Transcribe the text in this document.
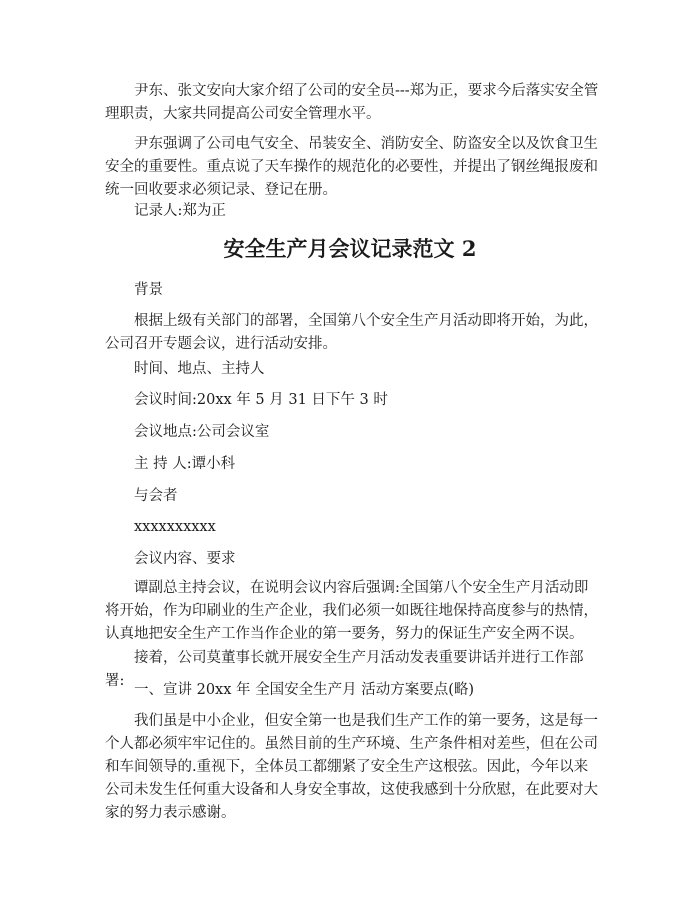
尹东、张文安向大家介绍了公司的安全员---郑为正，要求今后落实安全管理职责，大家共同提高公司安全管理水平。

尹东强调了公司电气安全、吊装安全、消防安全、防盗安全以及饮食卫生安全的重要性。重点说了天车操作的规范化的必要性，并提出了钢丝绳报废和统一回收要求必须记录、登记在册。

记录人:郑为正

安全生产月会议记录范文 2

背景

根据上级有关部门的部署，全国第八个安全生产月活动即将开始，为此，公司召开专题会议，进行活动安排。

时间、地点、主持人

会议时间:20xx 年 5 月 31 日下午 3 时

会议地点:公司会议室

主 持 人:谭小科

与会者

xxxxxxxxxx

会议内容、要求

谭副总主持会议，在说明会议内容后强调:全国第八个安全生产月活动即将开始，作为印刷业的生产企业，我们必须一如既往地保持高度参与的热情，认真地把安全生产工作当作企业的第一要务，努力的保证生产安全两不误。

接着，公司莫董事长就开展安全生产月活动发表重要讲话并进行工作部署:

一、宣讲 20xx 年 全国安全生产月 活动方案要点(略)

我们虽是中小企业，但安全第一也是我们生产工作的第一要务，这是每一个人都必须牢牢记住的。虽然目前的生产环境、生产条件相对差些，但在公司和车间领导的.重视下，全体员工都绷紧了安全生产这根弦。因此，今年以来公司未发生任何重大设备和人身安全事故，这使我感到十分欣慰，在此要对大家的努力表示感谢。
